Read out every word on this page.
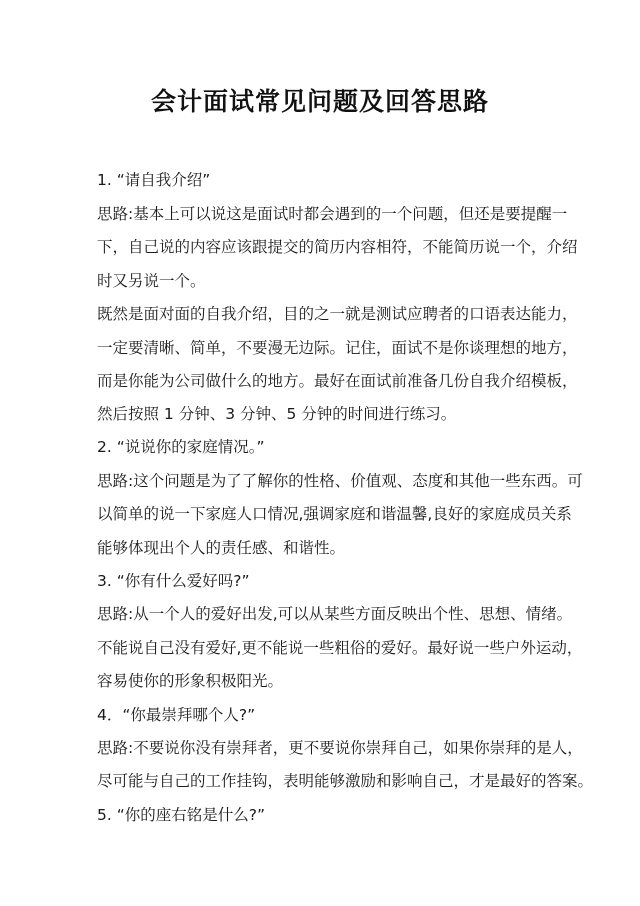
会计面试常见问题及回答思路
1. “请自我介绍”
思路:基本上可以说这是面试时都会遇到的一个问题，但还是要提醒一
下，自己说的内容应该跟提交的简历内容相符，不能简历说一个，介绍
时又另说一个。
既然是面对面的自我介绍，目的之一就是测试应聘者的口语表达能力，
一定要清晰、简单，不要漫无边际。记住，面试不是你谈理想的地方，
而是你能为公司做什么的地方。最好在面试前准备几份自我介绍模板，
然后按照 1 分钟、3 分钟、5 分钟的时间进行练习。
2. “说说你的家庭情况。”
思路:这个问题是为了了解你的性格、价值观、态度和其他一些东西。可
以简单的说一下家庭人口情况,强调家庭和谐温馨,良好的家庭成员关系
能够体现出个人的责任感、和谐性。
3. “你有什么爱好吗?”
思路:从一个人的爱好出发,可以从某些方面反映出个性、思想、情绪。
不能说自己没有爱好,更不能说一些粗俗的爱好。最好说一些户外运动，
容易使你的形象积极阳光。
4．“你最崇拜哪个人?”
思路:不要说你没有崇拜者，更不要说你崇拜自己，如果你崇拜的是人，
尽可能与自己的工作挂钩，表明能够激励和影响自己，才是最好的答案。
5. “你的座右铭是什么?”
